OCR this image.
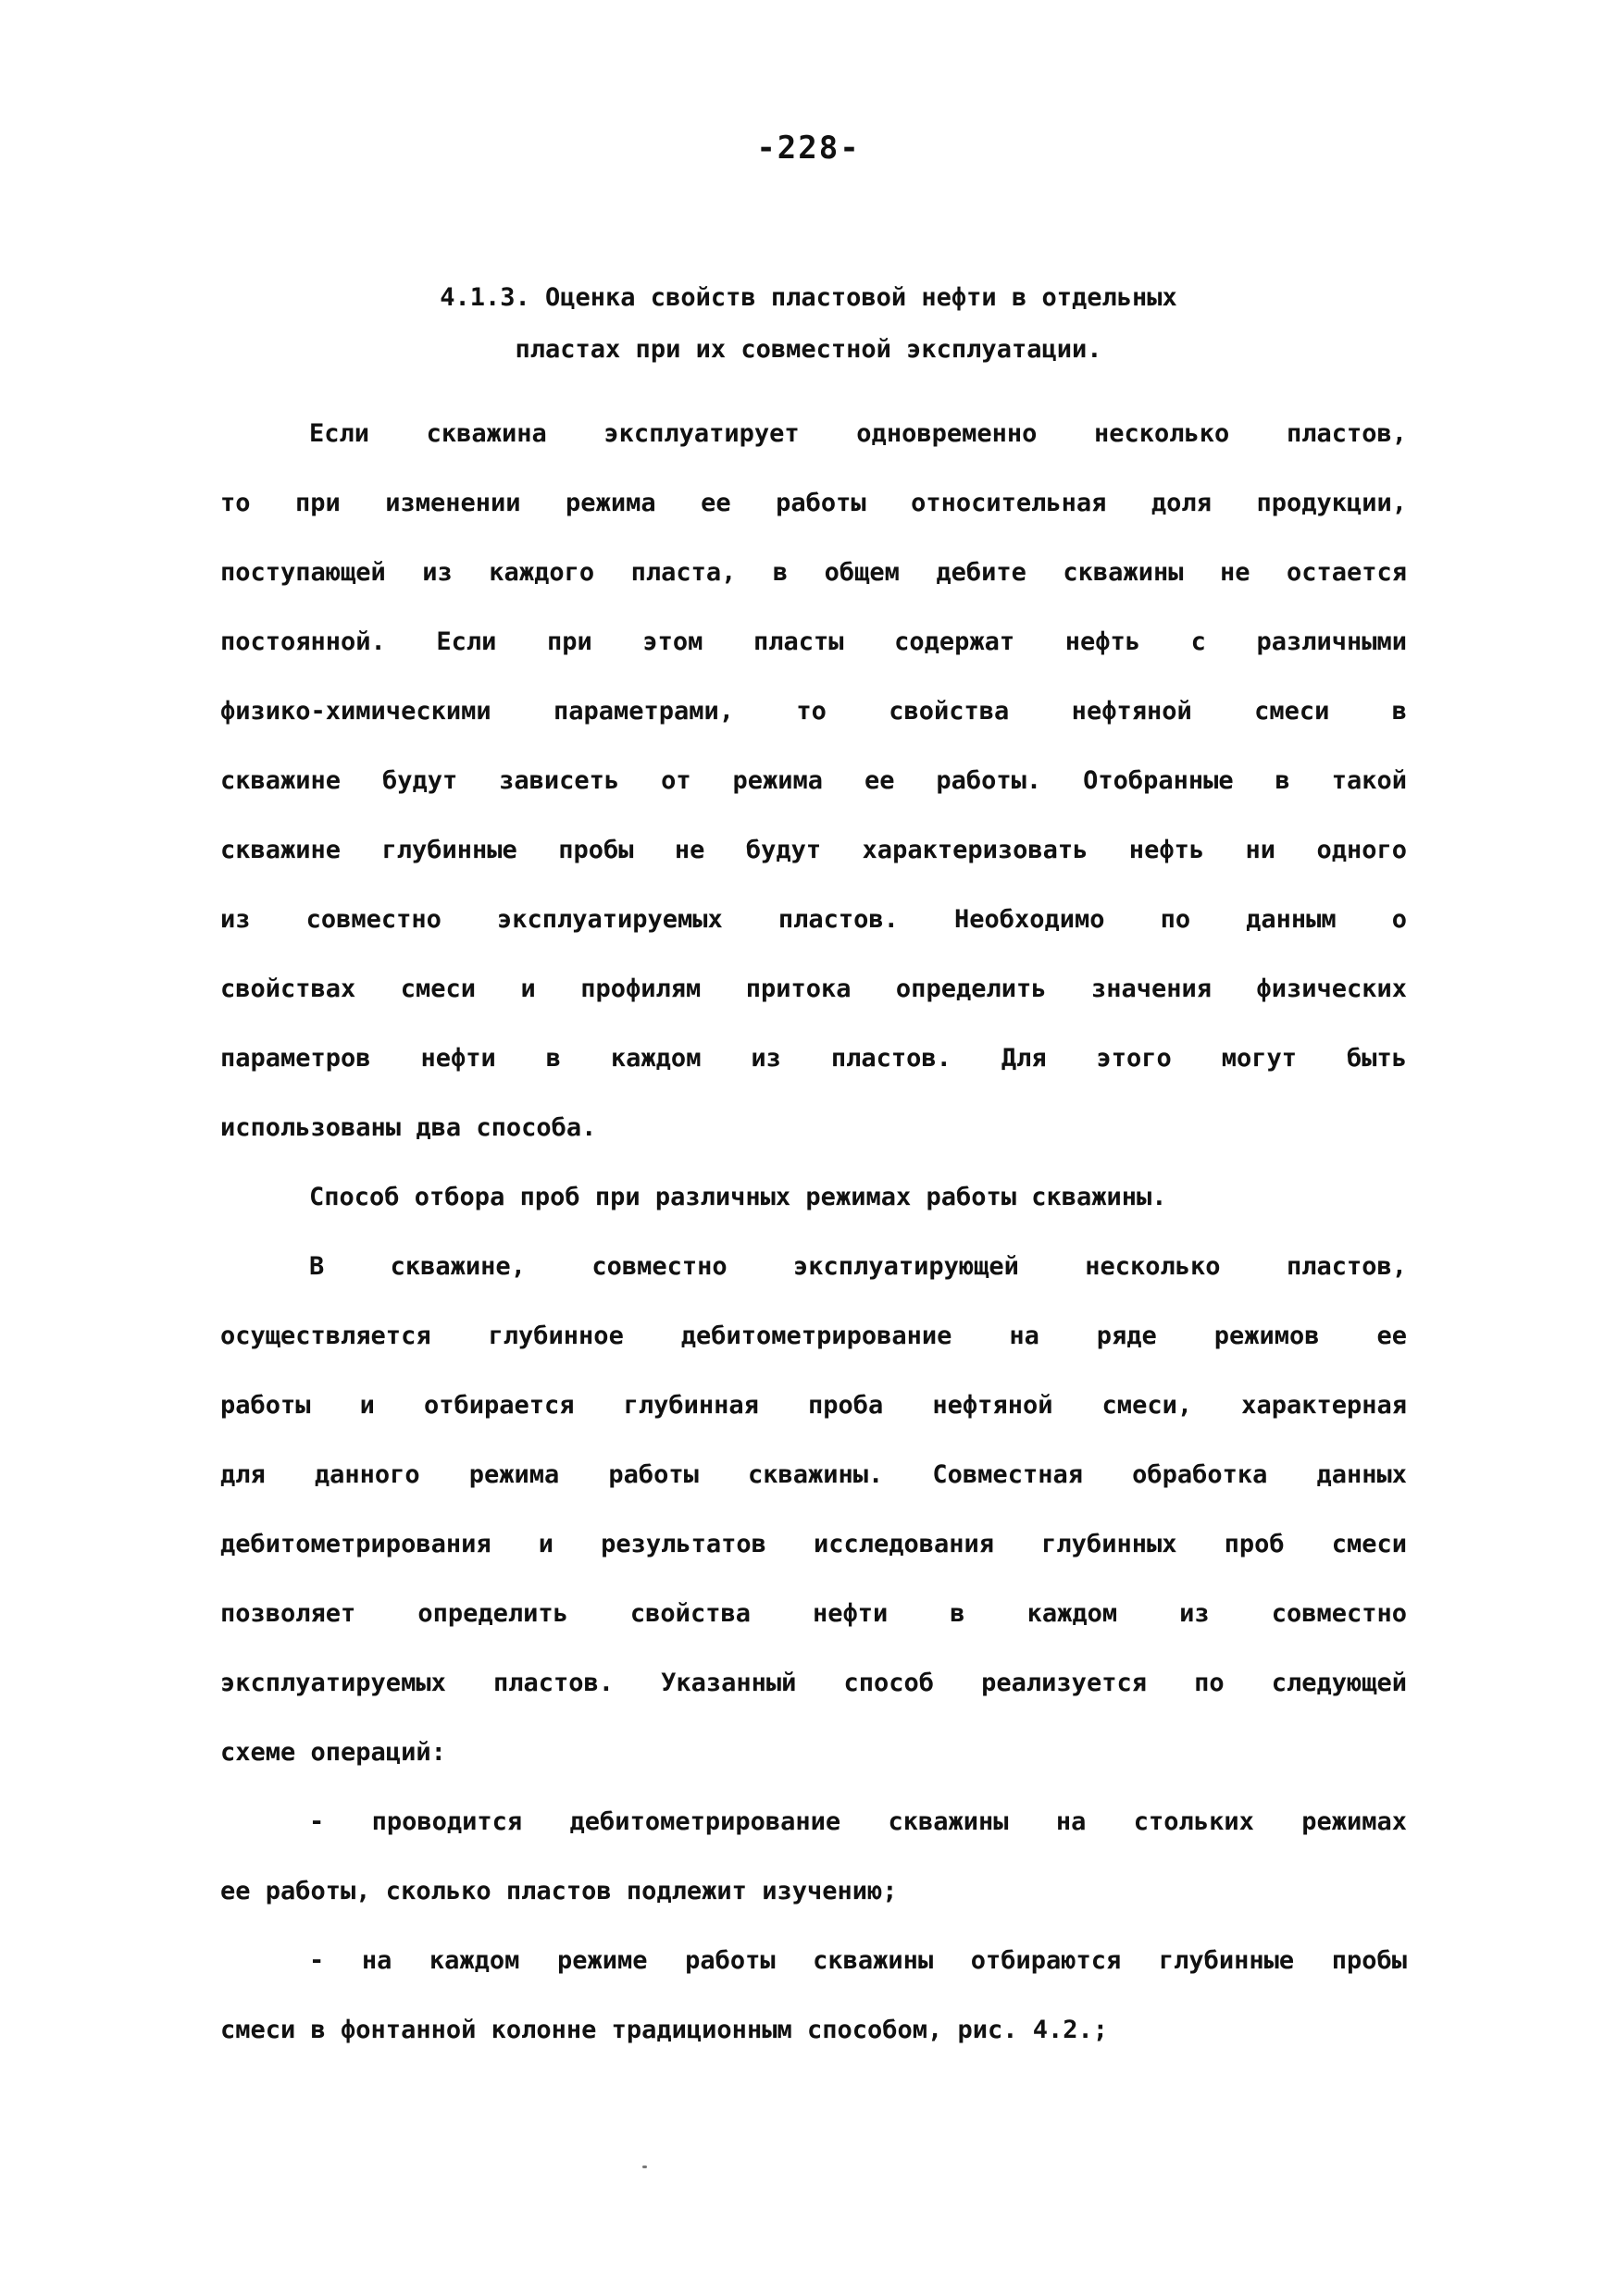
-228-
4.1.3. Оценка свойств пластовой нефти в отдельных
пластах при их совместной эксплуатации.
Если скважина эксплуатирует одновременно несколько пластов,
то при изменении режима ее работы относительная доля продукции,
поступающей из каждого пласта, в общем дебите скважины не остается
постоянной. Если при этом пласты содержат нефть с различными
физико-химическими параметрами, то свойства нефтяной смеси в
скважине будут зависеть от режима ее работы. Отобранные в такой
скважине глубинные пробы не будут характеризовать нефть ни одного
из совместно эксплуатируемых пластов. Необходимо по данным о
свойствах смеси и профилям притока определить значения физических
параметров нефти в каждом из пластов. Для этого могут быть
использованы два способа.
Способ отбора проб при различных режимах работы скважины.
В скважине, совместно эксплуатирующей несколько пластов,
осуществляется глубинное дебитометрирование на ряде режимов ее
работы и отбирается глубинная проба нефтяной смеси, характерная
для данного режима работы скважины. Совместная обработка данных
дебитометрирования и результатов исследования глубинных проб смеси
позволяет определить свойства нефти в каждом из совместно
эксплуатируемых пластов. Указанный способ реализуется по следующей
схеме операций:
- проводится дебитометрирование скважины на стольких режимах
ее работы, сколько пластов подлежит изучению;
- на каждом режиме работы скважины отбираются глубинные пробы
смеси в фонтанной колонне традиционным способом, рис. 4.2.;
